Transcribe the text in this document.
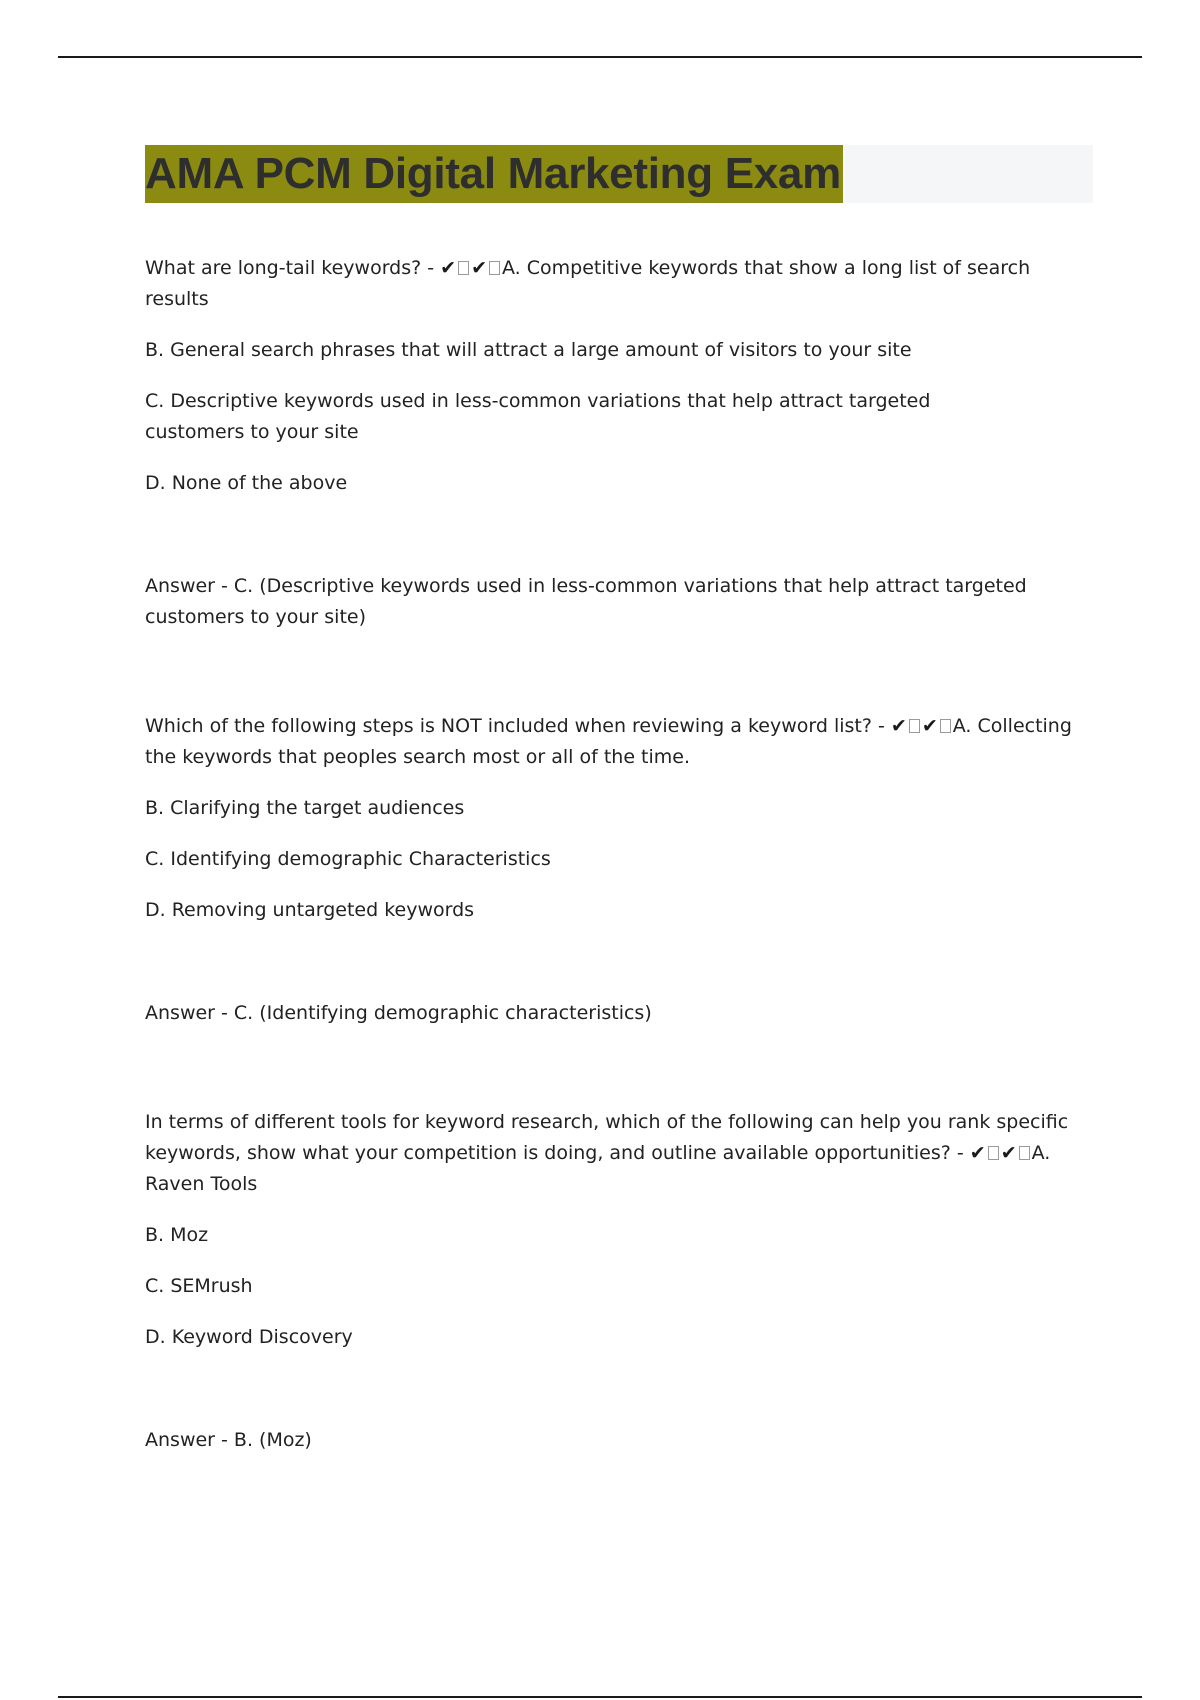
AMA PCM Digital Marketing Exam

What are long-tail keywords? - ✔ ✔ A. Competitive keywords that show a long list of search results

B. General search phrases that will attract a large amount of visitors to your site

C. Descriptive keywords used in less-common variations that help attract targeted customers to your site

D. None of the above

Answer - C. (Descriptive keywords used in less-common variations that help attract targeted customers to your site)

Which of the following steps is NOT included when reviewing a keyword list? - ✔ ✔ A. Collecting the keywords that peoples search most or all of the time.

B. Clarifying the target audiences

C. Identifying demographic Characteristics

D. Removing untargeted keywords

Answer - C. (Identifying demographic characteristics)

In terms of different tools for keyword research, which of the following can help you rank specific keywords, show what your competition is doing, and outline available opportunities? - ✔ ✔ A. Raven Tools

B. Moz

C. SEMrush

D. Keyword Discovery

Answer - B. (Moz)
